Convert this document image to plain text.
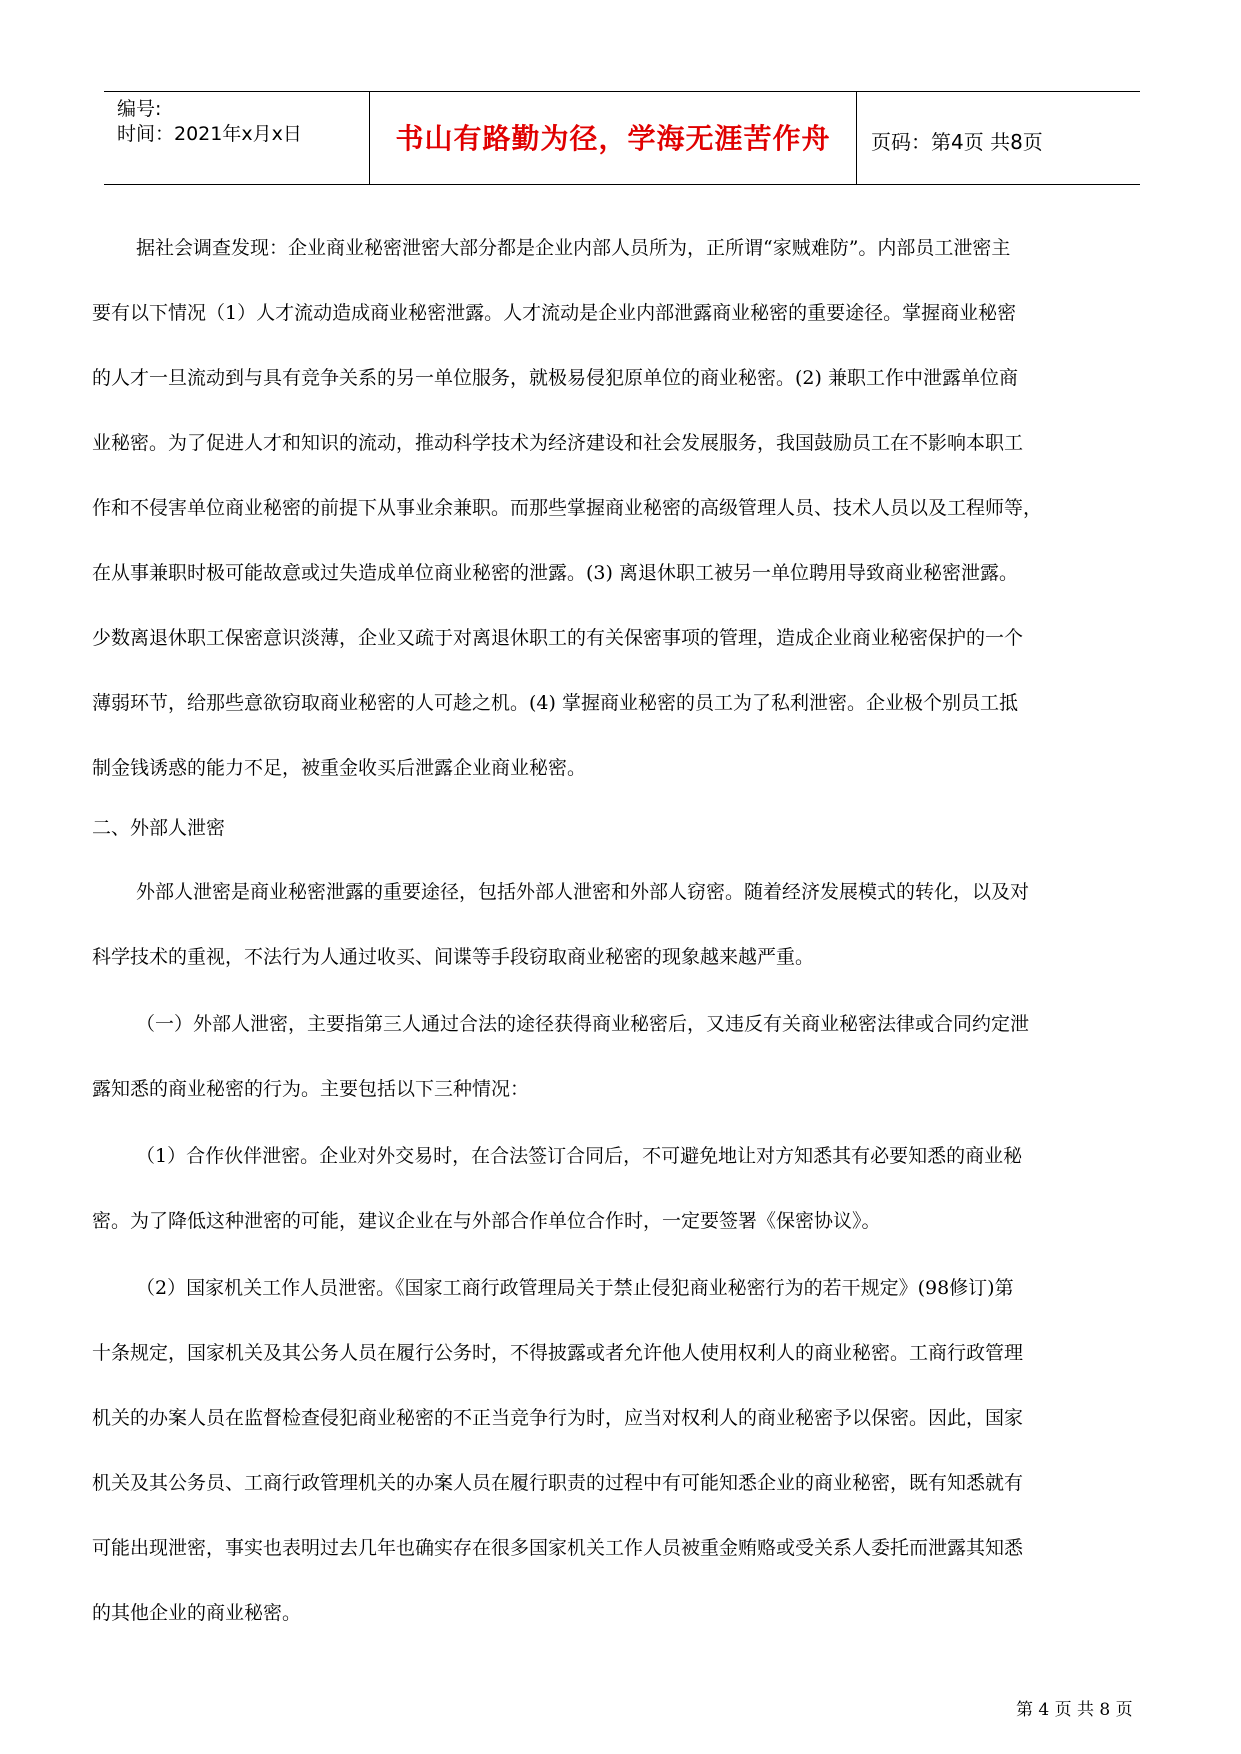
编号:
时间：2021年x月x日	书山有路勤为径，学海无涯苦作舟	页码：第4页 共8页
据社会调查发现：企业商业秘密泄密大部分都是企业内部人员所为，正所谓“家贼难防”。内部员工泄密主
要有以下情况（1）人才流动造成商业秘密泄露。人才流动是企业内部泄露商业秘密的重要途径。掌握商业秘密
的人才一旦流动到与具有竞争关系的另一单位服务，就极易侵犯原单位的商业秘密。(2) 兼职工作中泄露单位商
业秘密。为了促进人才和知识的流动，推动科学技术为经济建设和社会发展服务，我国鼓励员工在不影响本职工
作和不侵害单位商业秘密的前提下从事业余兼职。而那些掌握商业秘密的高级管理人员、技术人员以及工程师等，
在从事兼职时极可能故意或过失造成单位商业秘密的泄露。(3) 离退休职工被另一单位聘用导致商业秘密泄露。
少数离退休职工保密意识淡薄，企业又疏于对离退休职工的有关保密事项的管理，造成企业商业秘密保护的一个
薄弱环节，给那些意欲窃取商业秘密的人可趁之机。(4) 掌握商业秘密的员工为了私利泄密。企业极个别员工抵
制金钱诱惑的能力不足，被重金收买后泄露企业商业秘密。
二、外部人泄密
外部人泄密是商业秘密泄露的重要途径，包括外部人泄密和外部人窃密。随着经济发展模式的转化，以及对
科学技术的重视，不法行为人通过收买、间谍等手段窃取商业秘密的现象越来越严重。
（一）外部人泄密，主要指第三人通过合法的途径获得商业秘密后，又违反有关商业秘密法律或合同约定泄
露知悉的商业秘密的行为。主要包括以下三种情况：
（1）合作伙伴泄密。企业对外交易时，在合法签订合同后，不可避免地让对方知悉其有必要知悉的商业秘
密。为了降低这种泄密的可能，建议企业在与外部合作单位合作时，一定要签署《保密协议》。
（2）国家机关工作人员泄密。《国家工商行政管理局关于禁止侵犯商业秘密行为的若干规定》(98修订)第
十条规定，国家机关及其公务人员在履行公务时，不得披露或者允许他人使用权利人的商业秘密。工商行政管理
机关的办案人员在监督检查侵犯商业秘密的不正当竞争行为时，应当对权利人的商业秘密予以保密。因此，国家
机关及其公务员、工商行政管理机关的办案人员在履行职责的过程中有可能知悉企业的商业秘密，既有知悉就有
可能出现泄密，事实也表明过去几年也确实存在很多国家机关工作人员被重金贿赂或受关系人委托而泄露其知悉
的其他企业的商业秘密。
第 4 页 共 8 页
